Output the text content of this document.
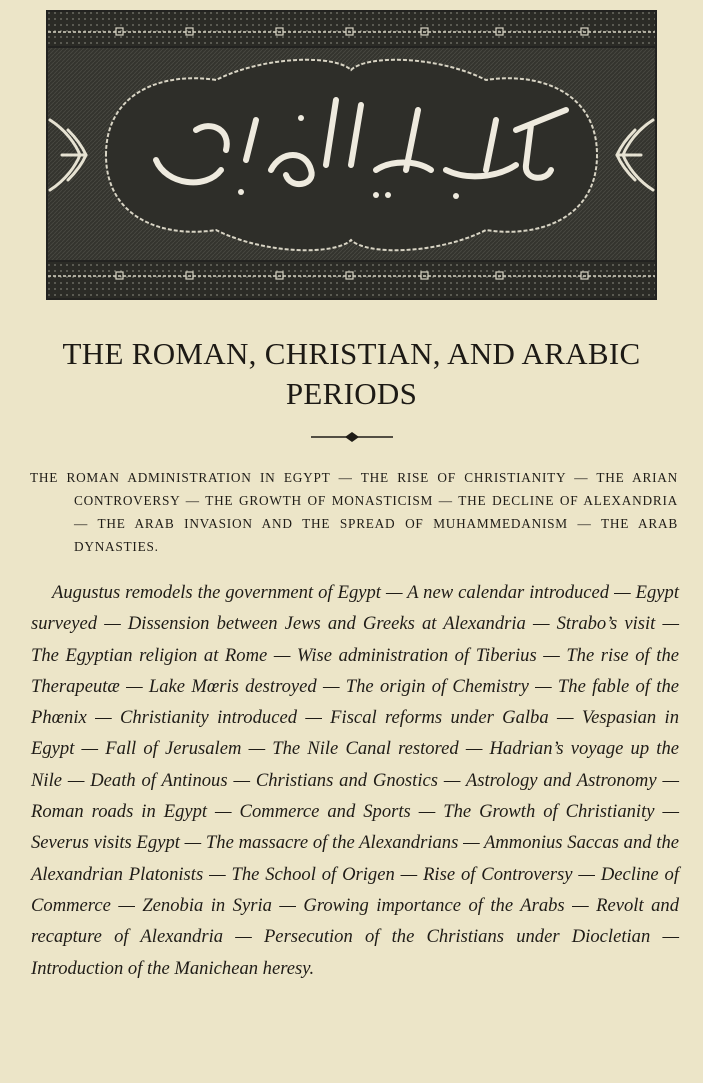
THE ROMAN, CHRISTIAN, AND ARABIC PERIODS

THE ROMAN ADMINISTRATION IN EGYPT — THE RISE OF CHRISTIANITY — THE ARIAN CONTROVERSY — THE GROWTH OF MONASTICISM — THE DECLINE OF ALEXANDRIA — THE ARAB INVASION AND THE SPREAD OF MUHAMMEDANISM — THE ARAB DYNASTIES.

Augustus remodels the government of Egypt — A new calendar introduced — Egypt surveyed — Dissension between Jews and Greeks at Alexandria — Strabo’s visit — The Egyptian religion at Rome — Wise administration of Tiberius — The rise of the Therapeutæ — Lake Mœris destroyed — The origin of Chemistry — The fable of the Phœnix — Christianity introduced — Fiscal reforms under Galba — Vespasian in Egypt — Fall of Jerusalem — The Nile Canal restored — Hadrian’s voyage up the Nile — Death of Antinous — Christians and Gnostics — Astrology and Astronomy — Roman roads in Egypt — Commerce and Sports — The Growth of Christianity — Severus visits Egypt — The massacre of the Alexandrians — Ammonius Saccas and the Alexandrian Platonists — The School of Origen — Rise of Controversy — Decline of Commerce — Zenobia in Syria — Growing importance of the Arabs — Revolt and recapture of Alexandria — Persecution of the Christians under Diocletian — Introduction of the Manichean heresy.
